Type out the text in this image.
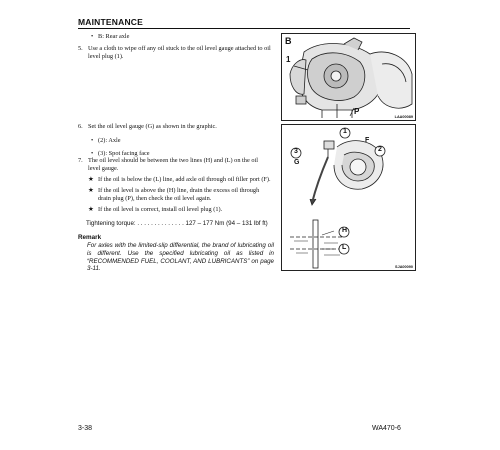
MAINTENANCE
• B: Rear axle
5. Use a cloth to wipe off any oil stuck to the oil level gauge attached to oil level plug (1).
6. Set the oil level gauge (G) as shown in the graphic.
• (2): Axle
• (3): Spot facing face
7. The oil level should be between the two lines (H) and (L) on the oil level gauge.
★ If the oil is below the (L) line, add axle oil through oil filler port (F).
★ If the oil level is above the (H) line, drain the excess oil through drain plug (P), then check the oil level again.
★ If the oil level is correct, install oil level plug (1).
Tightening torque: . . . . . . . . . . . . . . 127 – 177 Nm (94 – 131 lbf ft)
Remark
For axles with the limited-slip differential, the brand of lubricating oil is different. Use the specified lubricating oil as listed in “RECOMMENDED FUEL, COOLANT, AND LUBRICANTS” on page 3-11.
B
1
P
LAA00089
1
F
2
3
G
H
L
SJA00090
3-38	WA470-6
